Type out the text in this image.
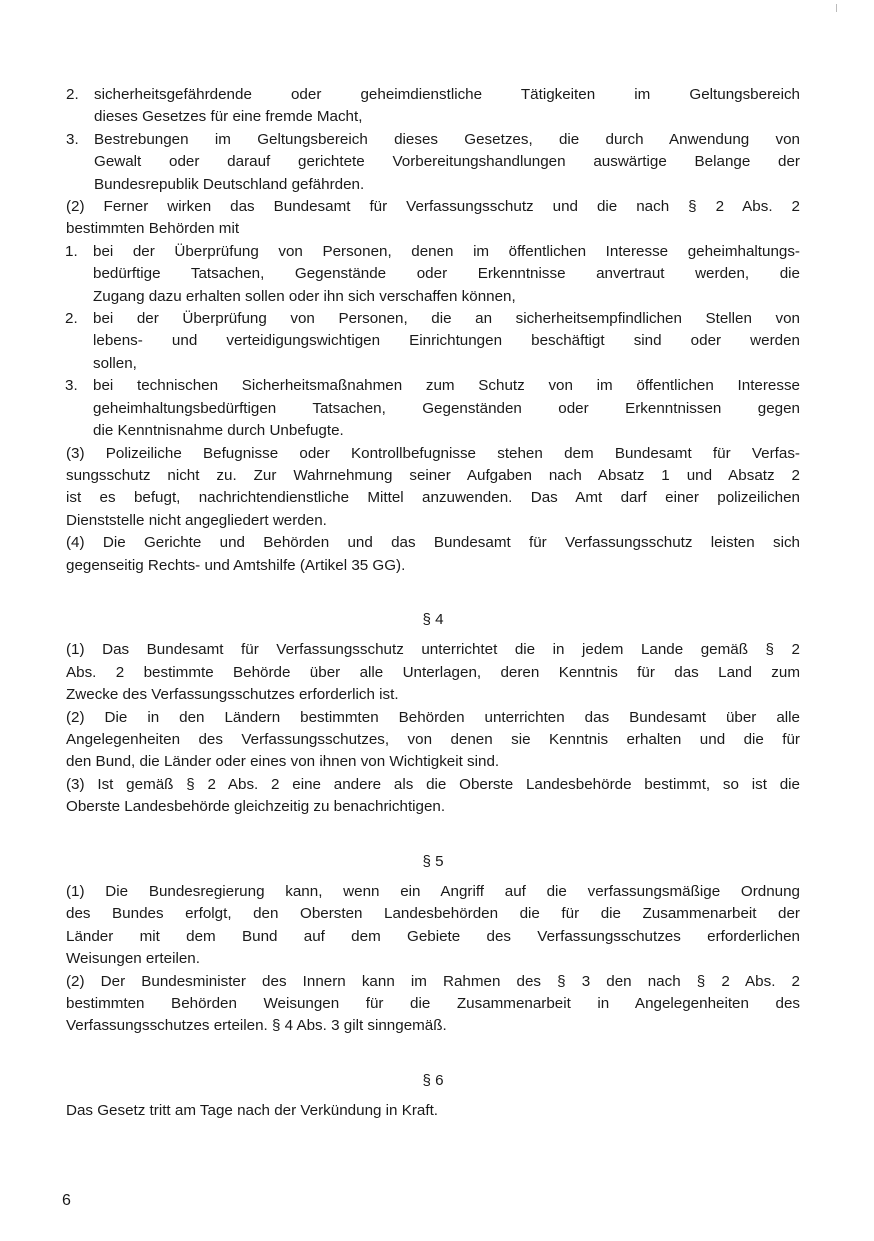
2. sicherheitsgefährdende oder geheimdienstliche Tätigkeiten im Geltungsbereich
dieses Gesetzes für eine fremde Macht,
3. Bestrebungen im Geltungsbereich dieses Gesetzes, die durch Anwendung von
Gewalt oder darauf gerichtete Vorbereitungshandlungen auswärtige Belange der
Bundesrepublik Deutschland gefährden.
(2) Ferner wirken das Bundesamt für Verfassungsschutz und die nach § 2 Abs. 2
bestimmten Behörden mit
1. bei der Überprüfung von Personen, denen im öffentlichen Interesse geheimhaltungs-
bedürftige Tatsachen, Gegenstände oder Erkenntnisse anvertraut werden, die
Zugang dazu erhalten sollen oder ihn sich verschaffen können,
2. bei der Überprüfung von Personen, die an sicherheitsempfindlichen Stellen von
lebens- und verteidigungswichtigen Einrichtungen beschäftigt sind oder werden
sollen,
3. bei technischen Sicherheitsmaßnahmen zum Schutz von im öffentlichen Interesse
geheimhaltungsbedürftigen Tatsachen, Gegenständen oder Erkenntnissen gegen
die Kenntnisnahme durch Unbefugte.
(3) Polizeiliche Befugnisse oder Kontrollbefugnisse stehen dem Bundesamt für Verfas-
sungsschutz nicht zu. Zur Wahrnehmung seiner Aufgaben nach Absatz 1 und Absatz 2
ist es befugt, nachrichtendienstliche Mittel anzuwenden. Das Amt darf einer polizeilichen
Dienststelle nicht angegliedert werden.
(4) Die Gerichte und Behörden und das Bundesamt für Verfassungsschutz leisten sich
gegenseitig Rechts- und Amtshilfe (Artikel 35 GG).
§ 4
(1) Das Bundesamt für Verfassungsschutz unterrichtet die in jedem Lande gemäß § 2
Abs. 2 bestimmte Behörde über alle Unterlagen, deren Kenntnis für das Land zum
Zwecke des Verfassungsschutzes erforderlich ist.
(2) Die in den Ländern bestimmten Behörden unterrichten das Bundesamt über alle
Angelegenheiten des Verfassungsschutzes, von denen sie Kenntnis erhalten und die für
den Bund, die Länder oder eines von ihnen von Wichtigkeit sind.
(3) Ist gemäß § 2 Abs. 2 eine andere als die Oberste Landesbehörde bestimmt, so ist die
Oberste Landesbehörde gleichzeitig zu benachrichtigen.
§ 5
(1) Die Bundesregierung kann, wenn ein Angriff auf die verfassungsmäßige Ordnung
des Bundes erfolgt, den Obersten Landesbehörden die für die Zusammenarbeit der
Länder mit dem Bund auf dem Gebiete des Verfassungsschutzes erforderlichen
Weisungen erteilen.
(2) Der Bundesminister des Innern kann im Rahmen des § 3 den nach § 2 Abs. 2
bestimmten Behörden Weisungen für die Zusammenarbeit in Angelegenheiten des
Verfassungsschutzes erteilen. § 4 Abs. 3 gilt sinngemäß.
§ 6
Das Gesetz tritt am Tage nach der Verkündung in Kraft.
6
